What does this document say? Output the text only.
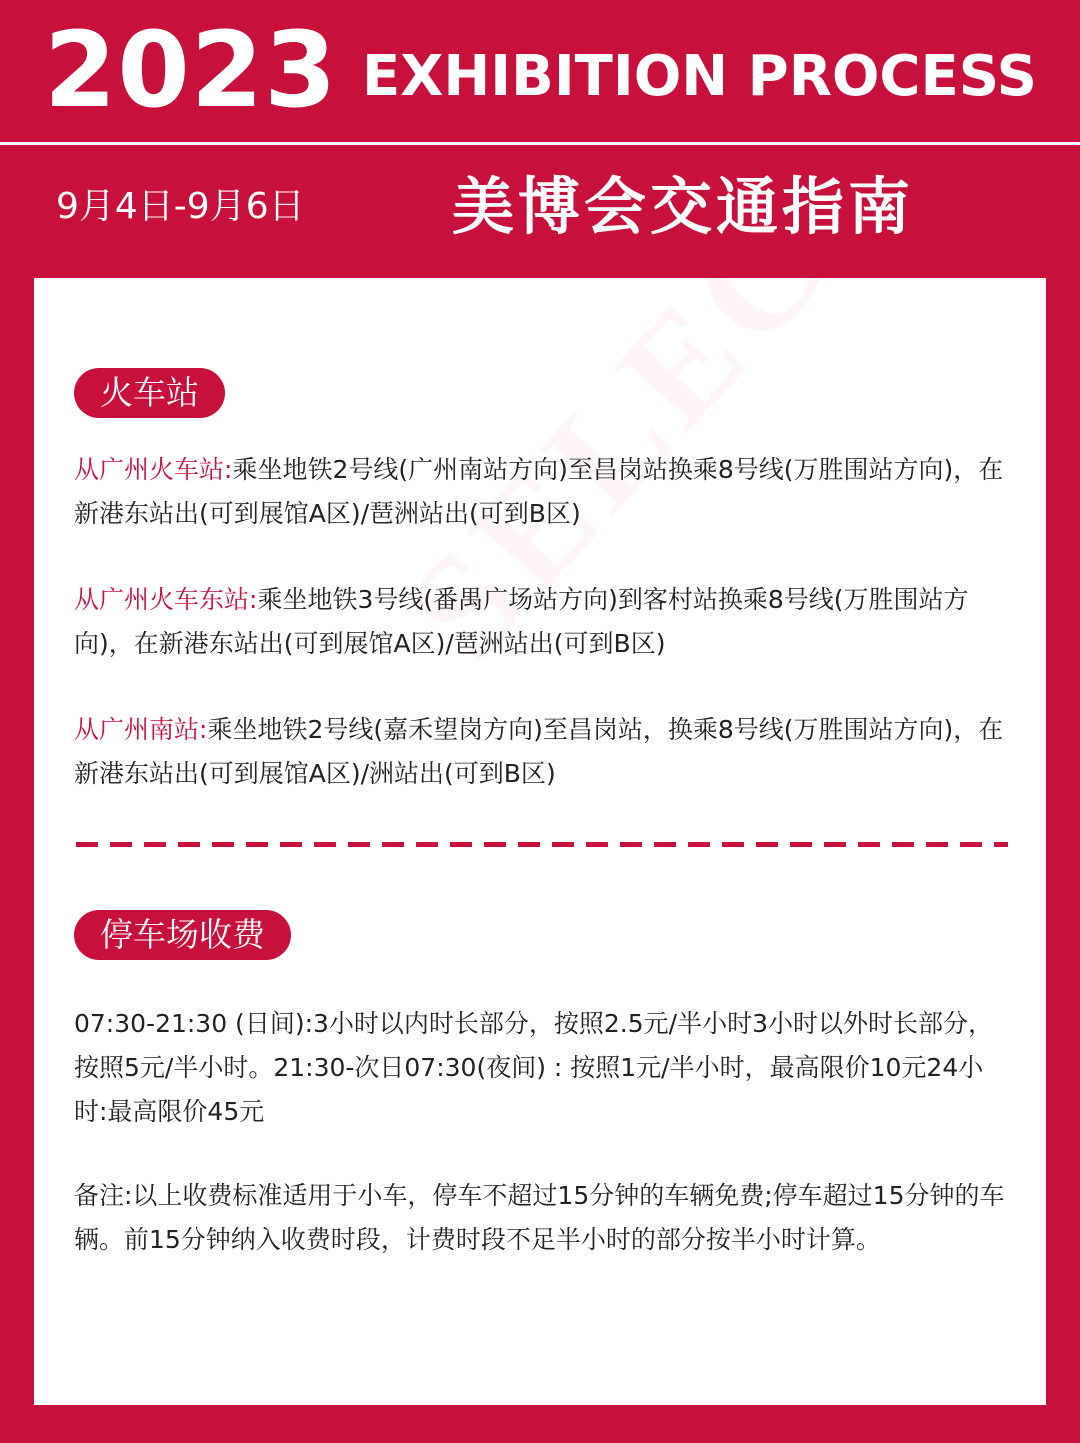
2023 EXHIBITION PROCESS
9月4日-9月6日 美博会交通指南
火车站
从广州火车站:乘坐地铁2号线(广州南站方向)至昌岗站换乘8号线(万胜围站方向)，在新港东站出(可到展馆A区)/琶洲站出(可到B区)
从广州火车东站:乘坐地铁3号线(番禺广场站方向)到客村站换乘8号线(万胜围站方向)，在新港东站出(可到展馆A区)/琶洲站出(可到B区)
从广州南站:乘坐地铁2号线(嘉禾望岗方向)至昌岗站，换乘8号线(万胜围站方向)，在新港东站出(可到展馆A区)/洲站出(可到B区)
停车场收费
07:30-21:30 (日间):3小时以内时长部分，按照2.5元/半小时3小时以外时长部分，按照5元/半小时。21:30-次日07:30(夜间) : 按照1元/半小时，最高限价10元24小时:最高限价45元
备注:以上收费标准适用于小车，停车不超过15分钟的车辆免费;停车超过15分钟的车辆。前15分钟纳入收费时段，计费时段不足半小时的部分按半小时计算。
